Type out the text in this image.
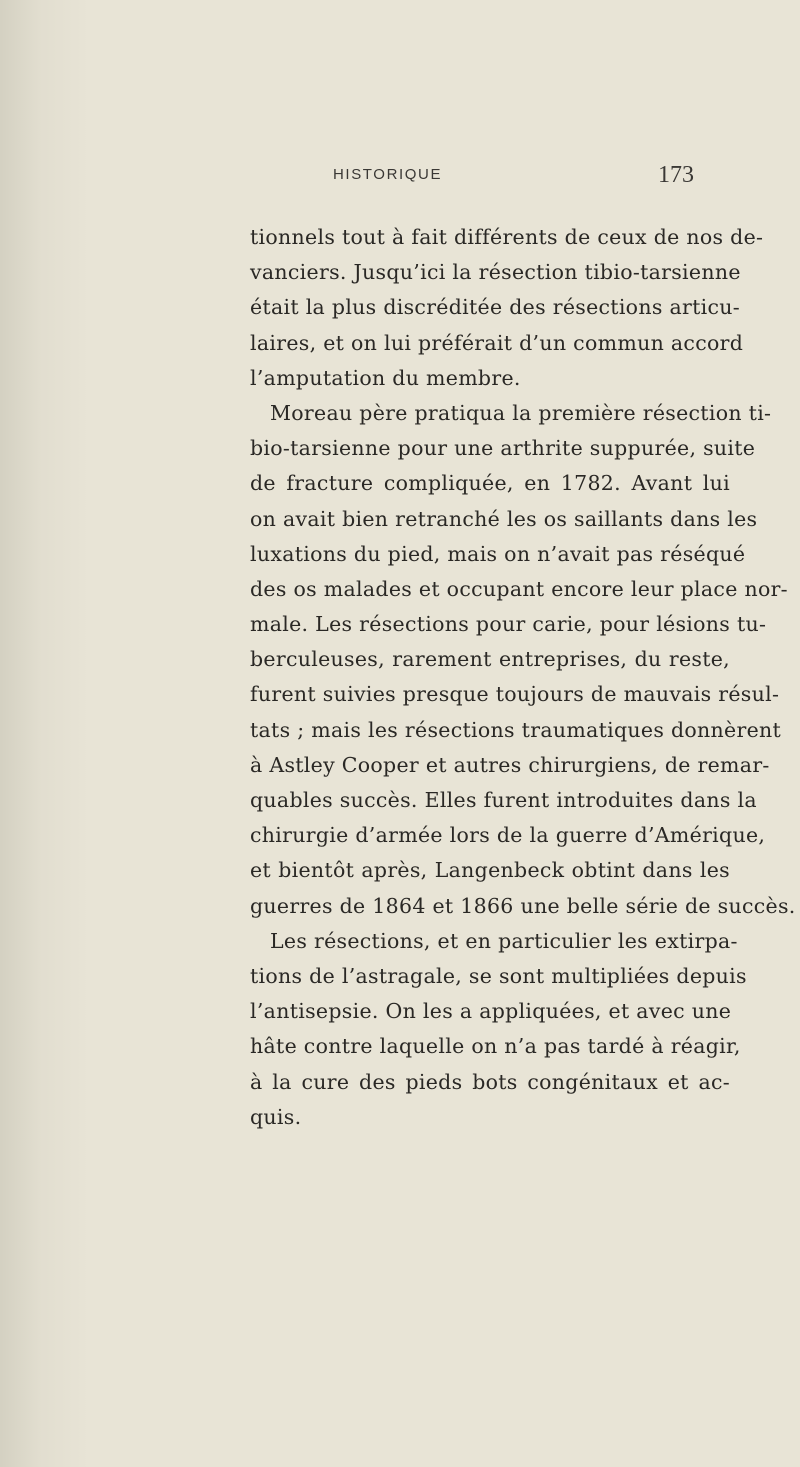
HISTORIQUE	173
tionnels tout à fait différents de ceux de nos de-
vanciers. Jusqu’ici la résection tibio-tarsienne
était la plus discréditée des résections articu-
laires, et on lui préférait d’un commun accord
l’amputation du membre.
Moreau père pratiqua la première résection ti-
bio-tarsienne pour une arthrite suppurée, suite
de fracture compliquée, en 1782. Avant lui
on avait bien retranché les os saillants dans les
luxations du pied, mais on n’avait pas réséqué
des os malades et occupant encore leur place nor-
male. Les résections pour carie, pour lésions tu-
berculeuses, rarement entreprises, du reste,
furent suivies presque toujours de mauvais résul-
tats ; mais les résections traumatiques donnèrent
à Astley Cooper et autres chirurgiens, de remar-
quables succès. Elles furent introduites dans la
chirurgie d’armée lors de la guerre d’Amérique,
et bientôt après, Langenbeck obtint dans les
guerres de 1864 et 1866 une belle série de succès.
Les résections, et en particulier les extirpa-
tions de l’astragale, se sont multipliées depuis
l’antisepsie. On les a appliquées, et avec une
hâte contre laquelle on n’a pas tardé à réagir,
à la cure des pieds bots congénitaux et ac-
quis.
